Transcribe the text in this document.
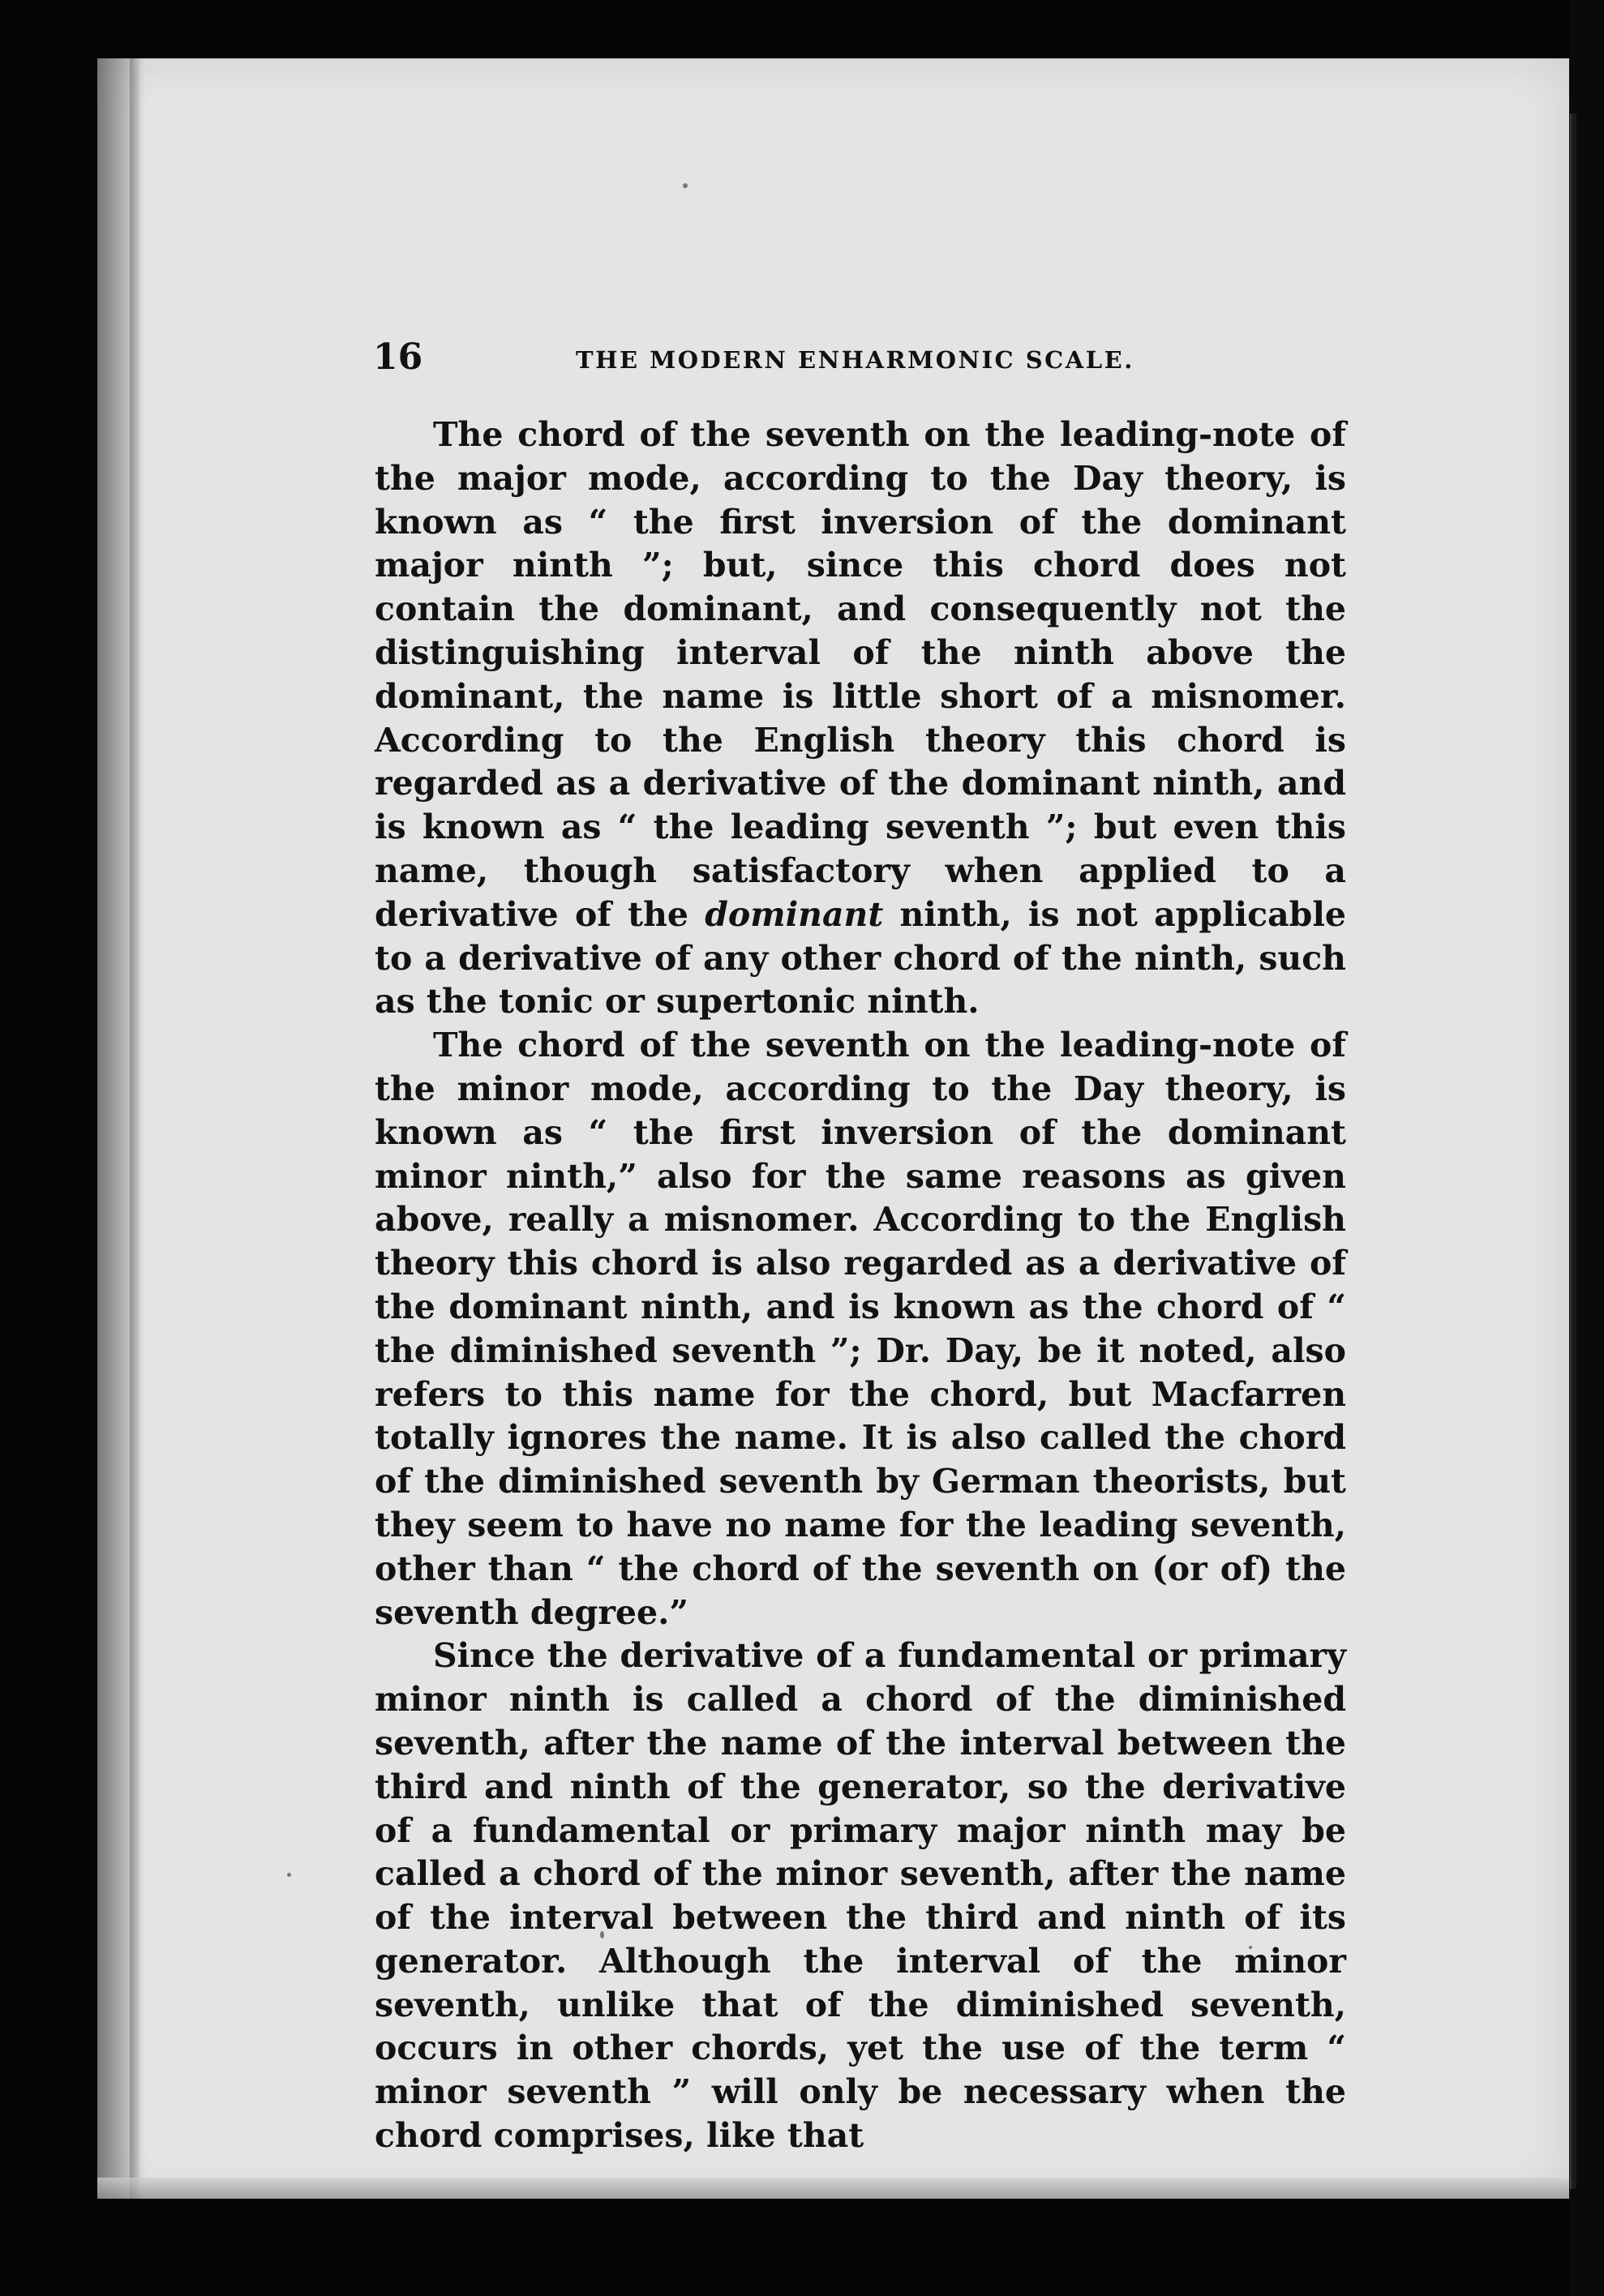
16	THE MODERN ENHARMONIC SCALE.

The chord of the seventh on the leading-note of the major mode, according to the Day theory, is known as “ the first inversion of the dominant major ninth ”; but, since this chord does not contain the dominant, and consequently not the distinguishing interval of the ninth above the dominant, the name is little short of a misnomer. According to the English theory this chord is regarded as a derivative of the dominant ninth, and is known as “ the leading seventh ”; but even this name, though satisfactory when applied to a derivative of the dominant ninth, is not applicable to a derivative of any other chord of the ninth, such as the tonic or supertonic ninth.

The chord of the seventh on the leading-note of the minor mode, according to the Day theory, is known as “ the first inversion of the dominant minor ninth,” also for the same reasons as given above, really a misnomer. According to the English theory this chord is also regarded as a derivative of the dominant ninth, and is known as the chord of “ the diminished seventh ”; Dr. Day, be it noted, also refers to this name for the chord, but Macfarren totally ignores the name. It is also called the chord of the diminished seventh by German theorists, but they seem to have no name for the leading seventh, other than “ the chord of the seventh on (or of) the seventh degree.”

Since the derivative of a fundamental or primary minor ninth is called a chord of the diminished seventh, after the name of the interval between the third and ninth of the generator, so the derivative of a fundamental or primary major ninth may be called a chord of the minor seventh, after the name of the interval between the third and ninth of its generator. Although the interval of the minor seventh, unlike that of the diminished seventh, occurs in other chords, yet the use of the term “ minor seventh ” will only be necessary when the chord comprises, like that
